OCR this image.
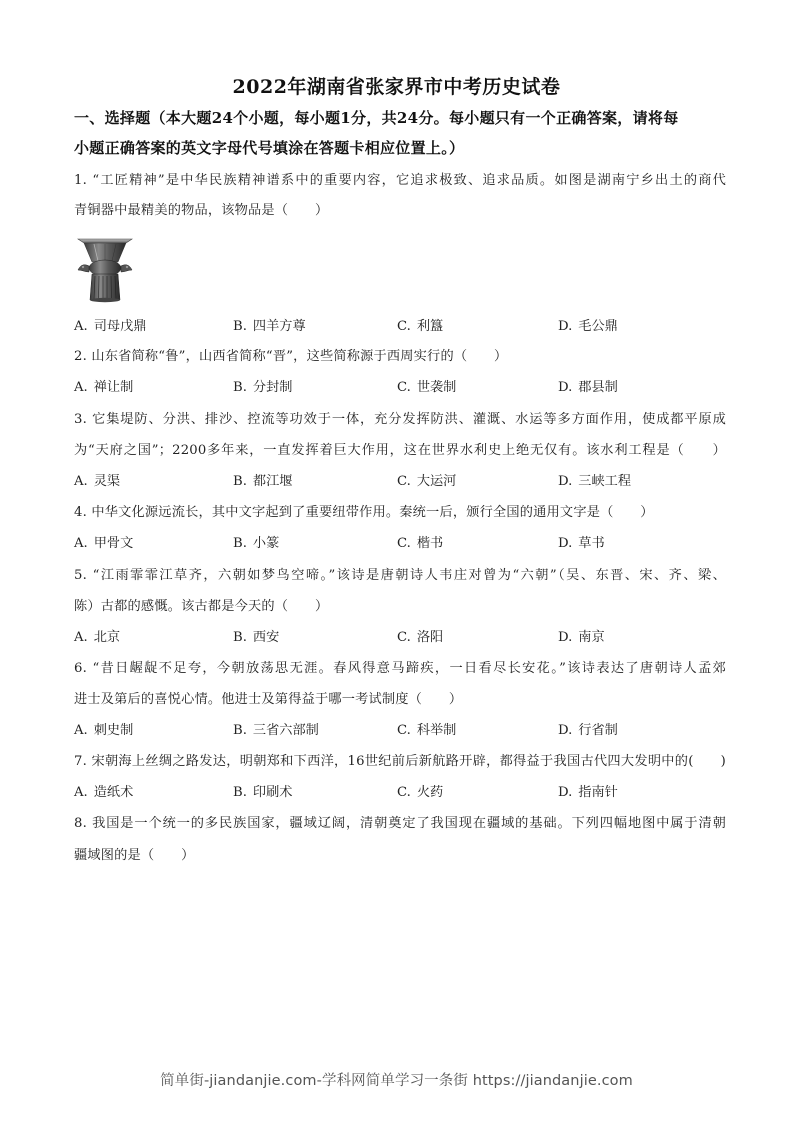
2022年湖南省张家界市中考历史试卷
一、选择题（本大题24个小题，每小题1分，共24分。每小题只有一个正确答案，请将每
小题正确答案的英文字母代号填涂在答题卡相应位置上。）
1. “工匠精神”是中华民族精神谱系中的重要内容，它追求极致、追求品质。如图是湖南宁乡出土的商代
青铜器中最精美的物品，该物品是（　　）
A. 司母戊鼎	B. 四羊方尊	C. 利簋	D. 毛公鼎
2. 山东省简称“鲁”，山西省简称“晋”，这些简称源于西周实行的（　　）
A. 禅让制	B. 分封制	C. 世袭制	D. 郡县制
3. 它集堤防、分洪、排沙、控流等功效于一体，充分发挥防洪、灌溉、水运等多方面作用，使成都平原成
为“天府之国”；2200多年来，一直发挥着巨大作用，这在世界水利史上绝无仅有。该水利工程是（　　）
A. 灵渠	B. 都江堰	C. 大运河	D. 三峡工程
4. 中华文化源远流长，其中文字起到了重要纽带作用。秦统一后，颁行全国的通用文字是（　　）
A. 甲骨文	B. 小篆	C. 楷书	D. 草书
5. “江雨霏霏江草齐，六朝如梦鸟空啼。”该诗是唐朝诗人韦庄对曾为“六朝”（吴、东晋、宋、齐、梁、
陈）古都的感慨。该古都是今天的（　　）
A. 北京	B. 西安	C. 洛阳	D. 南京
6. “昔日龌龊不足夸，今朝放荡思无涯。春风得意马蹄疾，一日看尽长安花。”该诗表达了唐朝诗人孟郊
进士及第后的喜悦心情。他进士及第得益于哪一考试制度（　　）
A. 刺史制	B. 三省六部制	C. 科举制	D. 行省制
7. 宋朝海上丝绸之路发达，明朝郑和下西洋，16世纪前后新航路开辟，都得益于我国古代四大发明中的(　　)
A. 造纸术	B. 印刷术	C. 火药	D. 指南针
8. 我国是一个统一的多民族国家，疆域辽阔，清朝奠定了我国现在疆域的基础。下列四幅地图中属于清朝
疆域图的是（　　）
简单街-jiandanjie.com-学科网简单学习一条街 https://jiandanjie.com
